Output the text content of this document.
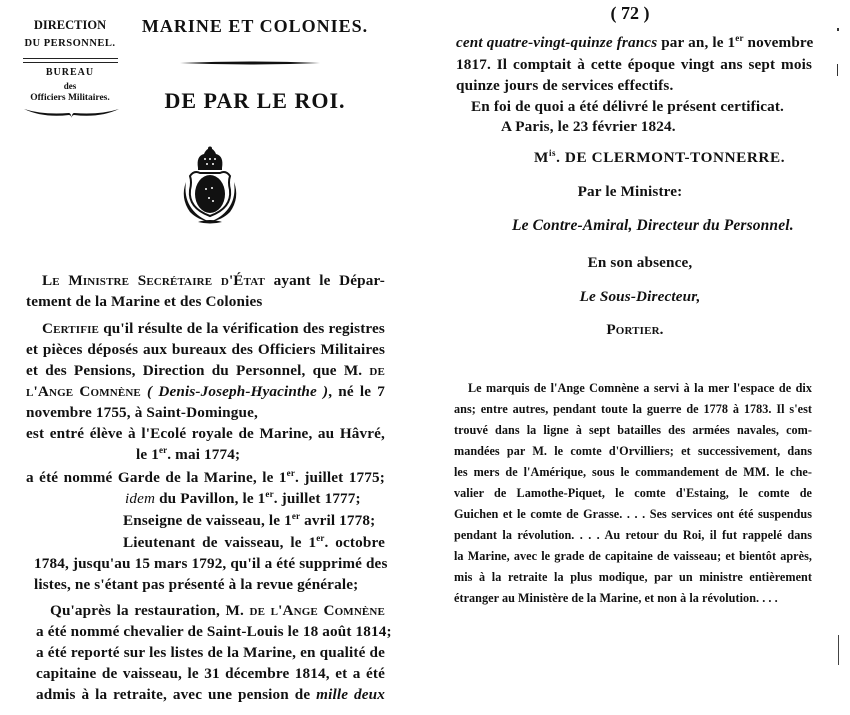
DIRECTION
DU PERSONNEL.
BUREAU
des
Officiers Militaires.
MARINE ET COLONIES.
DE PAR LE ROI.
Le Ministre Secrétaire d'État ayant le Dépar-
tement de la Marine et des Colonies
Certifie qu'il résulte de la vérification des registres
et pièces déposés aux bureaux des Officiers Militaires
et des Pensions, Direction du Personnel, que M. de
l'Ange Comnène ( Denis-Joseph-Hyacinthe ), né le 7
novembre 1755, à Saint-Domingue,
est entré élève à l'Ecolé royale de Marine, au Hâvré,
le 1er. mai 1774;
a été nommé Garde de la Marine, le 1er. juillet 1775;
idem du Pavillon, le 1er. juillet 1777;
Enseigne de vaisseau, le 1er avril 1778;
Lieutenant de vaisseau, le 1er. octobre
1784, jusqu'au 15 mars 1792, qu'il a été supprimé des
listes, ne s'étant pas présenté à la revue générale;
Qu'après la restauration, M. de l'Ange Comnène
a été nommé chevalier de Saint-Louis le 18 août 1814;
a été reporté sur les listes de la Marine, en qualité de
capitaine de vaisseau, le 31 décembre 1814, et a été
admis à la retraite, avec une pension de mille deux
( 72 )
cent quatre-vingt-quinze francs par an, le 1er novembre
1817. Il comptait à cette époque vingt ans sept mois
quinze jours de services effectifs.
En foi de quoi a été délivré le présent certificat.
A Paris, le 23 février 1824.
$M^{is}$. DE CLERMONT-TONNERRE.
Par le Ministre:
Le Contre-Amiral, Directeur du Personnel.
En son absence,
Le Sous-Directeur,
Portier.
Le marquis de l'Ange Comnène a servi à la mer l'espace de dix
ans; entre autres, pendant toute la guerre de 1778 à 1783. Il s'est
trouvé dans la ligne à sept batailles des armées navales, com-
mandées par M. le comte d'Orvilliers; et successivement, dans
les mers de l'Amérique, sous le commandement de MM. le che-
valier de Lamothe-Piquet, le comte d'Estaing, le comte de
Guichen et le comte de Grasse. . . . Ses services ont été suspendus
pendant la révolution. . . . Au retour du Roi, il fut rappelé dans
la Marine, avec le grade de capitaine de vaisseau; et bientôt après,
mis à la retraite la plus modique, par un ministre entièrement
étranger au Ministère de la Marine, et non à la révolution. . . .
